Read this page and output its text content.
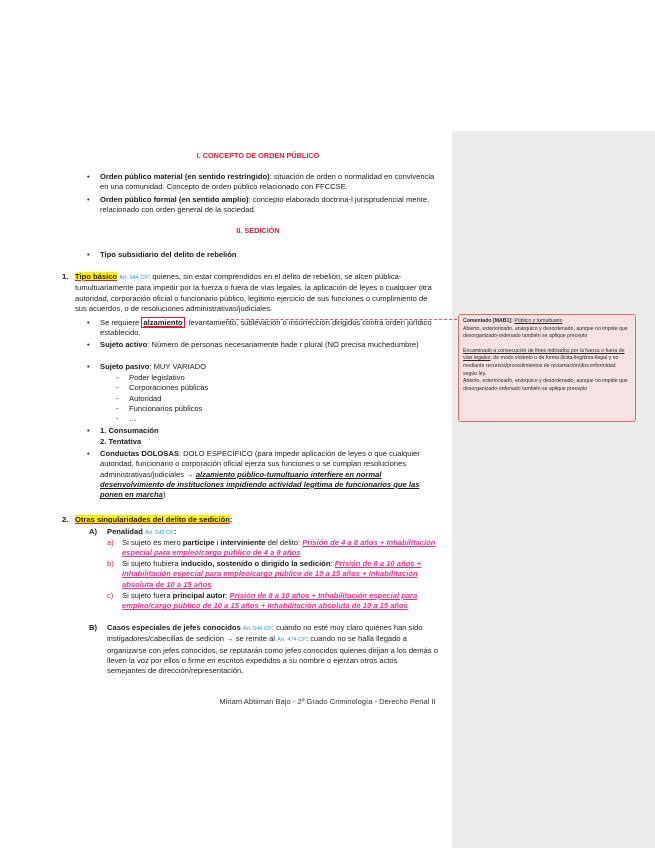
I. CONCEPTO DE ORDEN PÚBLICO
• Orden público material (en sentido restringido): situación de orden o normalidad en convivencia en una comunidad. Concepto de orden público relacionado con FFCCSE.
• Orden público formal (en sentido amplio): concepto elaborado doctrina-l jurisprudencial mente, relacionado con orden general de la sociedad.
II. SEDICIÓN
• Tipo subsidiario del delito de rebelión
1. Tipo básico Art. 544 CP: quienes, sin estar comprendidos en el delito de rebelión, se alcen pública-tumultuariamente para impedir por la fuerza o fuera de vías legales, la aplicación de leyes o cualquier otra autoridad, corporación oficial o funcionario público, legítimo ejercicio de sus funciones o cumplimiento de sus acuerdos, o de resoluciones administrativas/judiciales.
• Se requiere alzamiento : levantamiento, sublevación o insurrección dirigidos contra orden jurídico establecido.
• Sujeto activo: Número de personas necesariamente hade r plural (NO precisa muchedumbre)
• Sujeto pasivo: MUY VARIADO
- Poder legislativo
- Corporaciones públicas
- Autoridad
- Funcionarios públicos
- …
• 1. Consumación
2. Tentativa
• Conductas DOLOSAS: DOLO ESPECÍFICO (para impedir aplicación de leyes o que cualquier autoridad, funcionario o corporación oficial ejerza sus funciones o se cumplan resoluciones administrativas/judiciales → alzamiento público-tumultuario interfiere en normal desenvolvimiento de instituciones impidiendo actividad legítima de funcionarios que las ponen en marcha)
2. Otras singularidades del delito de sedición:
A) Penalidad Art. 545 CP:
a) Si sujeto es mero partícipe i interviniente del delito: Prisión de 4 a 8 años + Inhabilitación especial para empleo/cargo público de 4 a 8 años
b) Si sujeto hubiera inducido, sostenido o dirigido la sedición: Prisión de 8 a 10 años + Inhabilitación especial para empleo/cargo público de 10 a 15 años + Inhabilitación absoluta de 10 a 15 años
c) Si sujeto fuera principal autor: Prisión de 8 a 10 años + Inhabilitación especial para empleo/cargo público de 10 a 15 años + Inhabilitación absoluta de 10 a 15 años
B) Casos especiales de jefes conocidos Art. 546 CP: cuando no esté muy claro quiénes han sido instigadores/cabecillas de sedición → se remite al Art. 474 CP: cuando no se halla llegado a organizarse con jefes conocidos, se reputarán como jefes conocidos quienes dirijan a los demás o lleven la voz por ellos o firme en escritos expedidos a su nombre o ejerzan otros actos semejantes de dirección/representación.
Miriam Abtiiman Bajo - 2º Grado Criminología - Derecho Penal II

Comentado [MAB1]: Público y tumultuario

Abierto, exteriorizado, anárquico y desordenado, aunque no impide que desorganizado-ordenado también se aplique precepto

Encaminado a consecución de fines indicados por la fuerza o fuera de vías legales: de modo violento o de forma ilícita-ilegítima-ilegal y no mediante recursos/procedimientos de reclamación/disconformidad según ley.

Abierto, exteriorizado, anárquico y desordenado, aunque no impide que desorganizado-ordenado también se aplique precepto
